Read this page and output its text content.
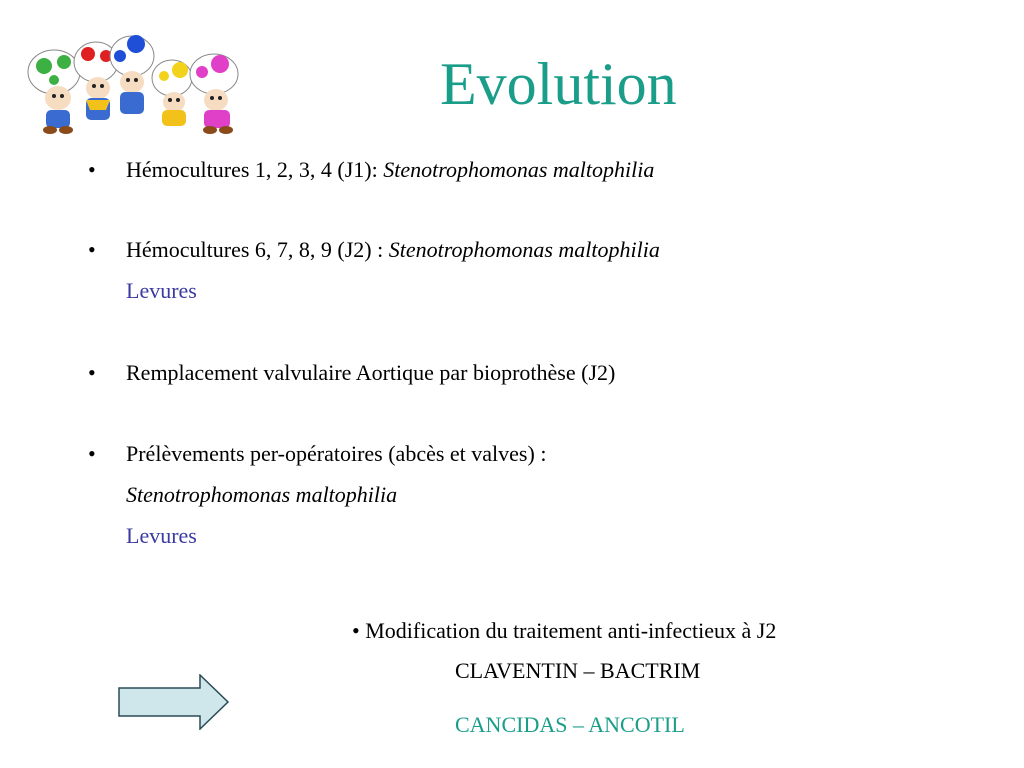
Evolution
• Hémocultures 1, 2, 3, 4 (J1): Stenotrophomonas maltophilia
• Hémocultures 6, 7, 8, 9 (J2) : Stenotrophomonas maltophilia
Levures
• Remplacement valvulaire Aortique par bioprothèse (J2)
• Prélèvements per-opératoires (abcès et valves) :
Stenotrophomonas maltophilia
Levures
• Modification du traitement anti-infectieux à J2
CLAVENTIN – BACTRIM
CANCIDAS – ANCOTIL
